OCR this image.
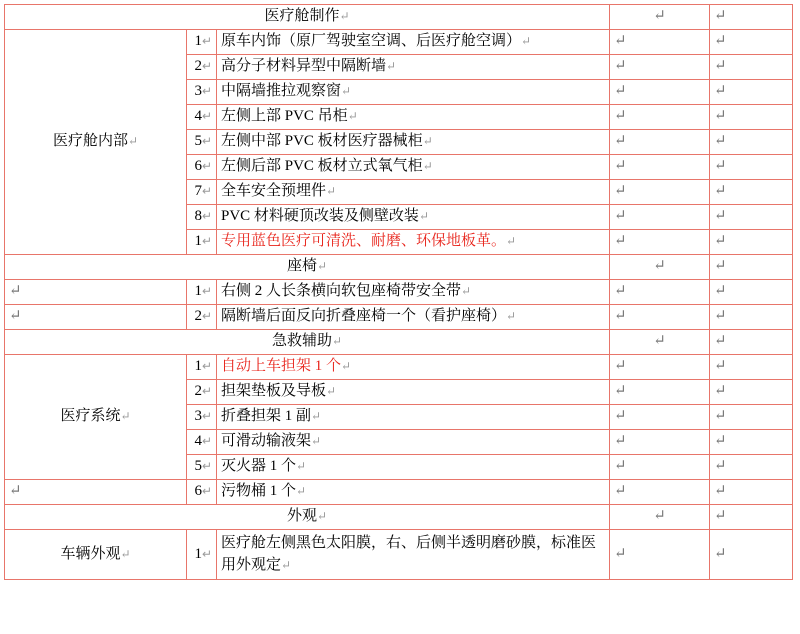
医疗舱制作↵			↵	↵
医疗舱内部↵	1↵	原车内饰（原厂驾驶室空调、后医疗舱空调）↵	↵	↵
	2↵	高分子材料异型中隔断墙↵	↵	↵
	3↵	中隔墙推拉观察窗↵	↵	↵
	4↵	左侧上部 PVC 吊柜↵	↵	↵
	5↵	左侧中部 PVC 板材医疗器械柜↵	↵	↵
	6↵	左侧后部 PVC 板材立式氧气柜↵	↵	↵
	7↵	全车安全预埋件↵	↵	↵
	8↵	PVC 材料硬顶改装及侧壁改装↵	↵	↵
	1↵	专用蓝色医疗可清洗、耐磨、环保地板革。↵	↵	↵
座椅↵			↵	↵
↵	1↵	右侧 2 人长条横向软包座椅带安全带↵	↵	↵
↵	2↵	隔断墙后面反向折叠座椅一个（看护座椅）↵	↵	↵
急救辅助↵			↵	↵
医疗系统↵	1↵	自动上车担架 1 个↵	↵	↵
	2↵	担架垫板及导板↵	↵	↵
	3↵	折叠担架 1 副↵	↵	↵
	4↵	可滑动输液架↵	↵	↵
	5↵	灭火器 1 个↵	↵	↵
↵	6↵	污物桶 1 个↵	↵	↵
外观↵			↵	↵
车辆外观↵	1↵	医疗舱左侧黑色太阳膜，右、后侧半透明磨砂膜，标准医用外观定↵	↵	↵
